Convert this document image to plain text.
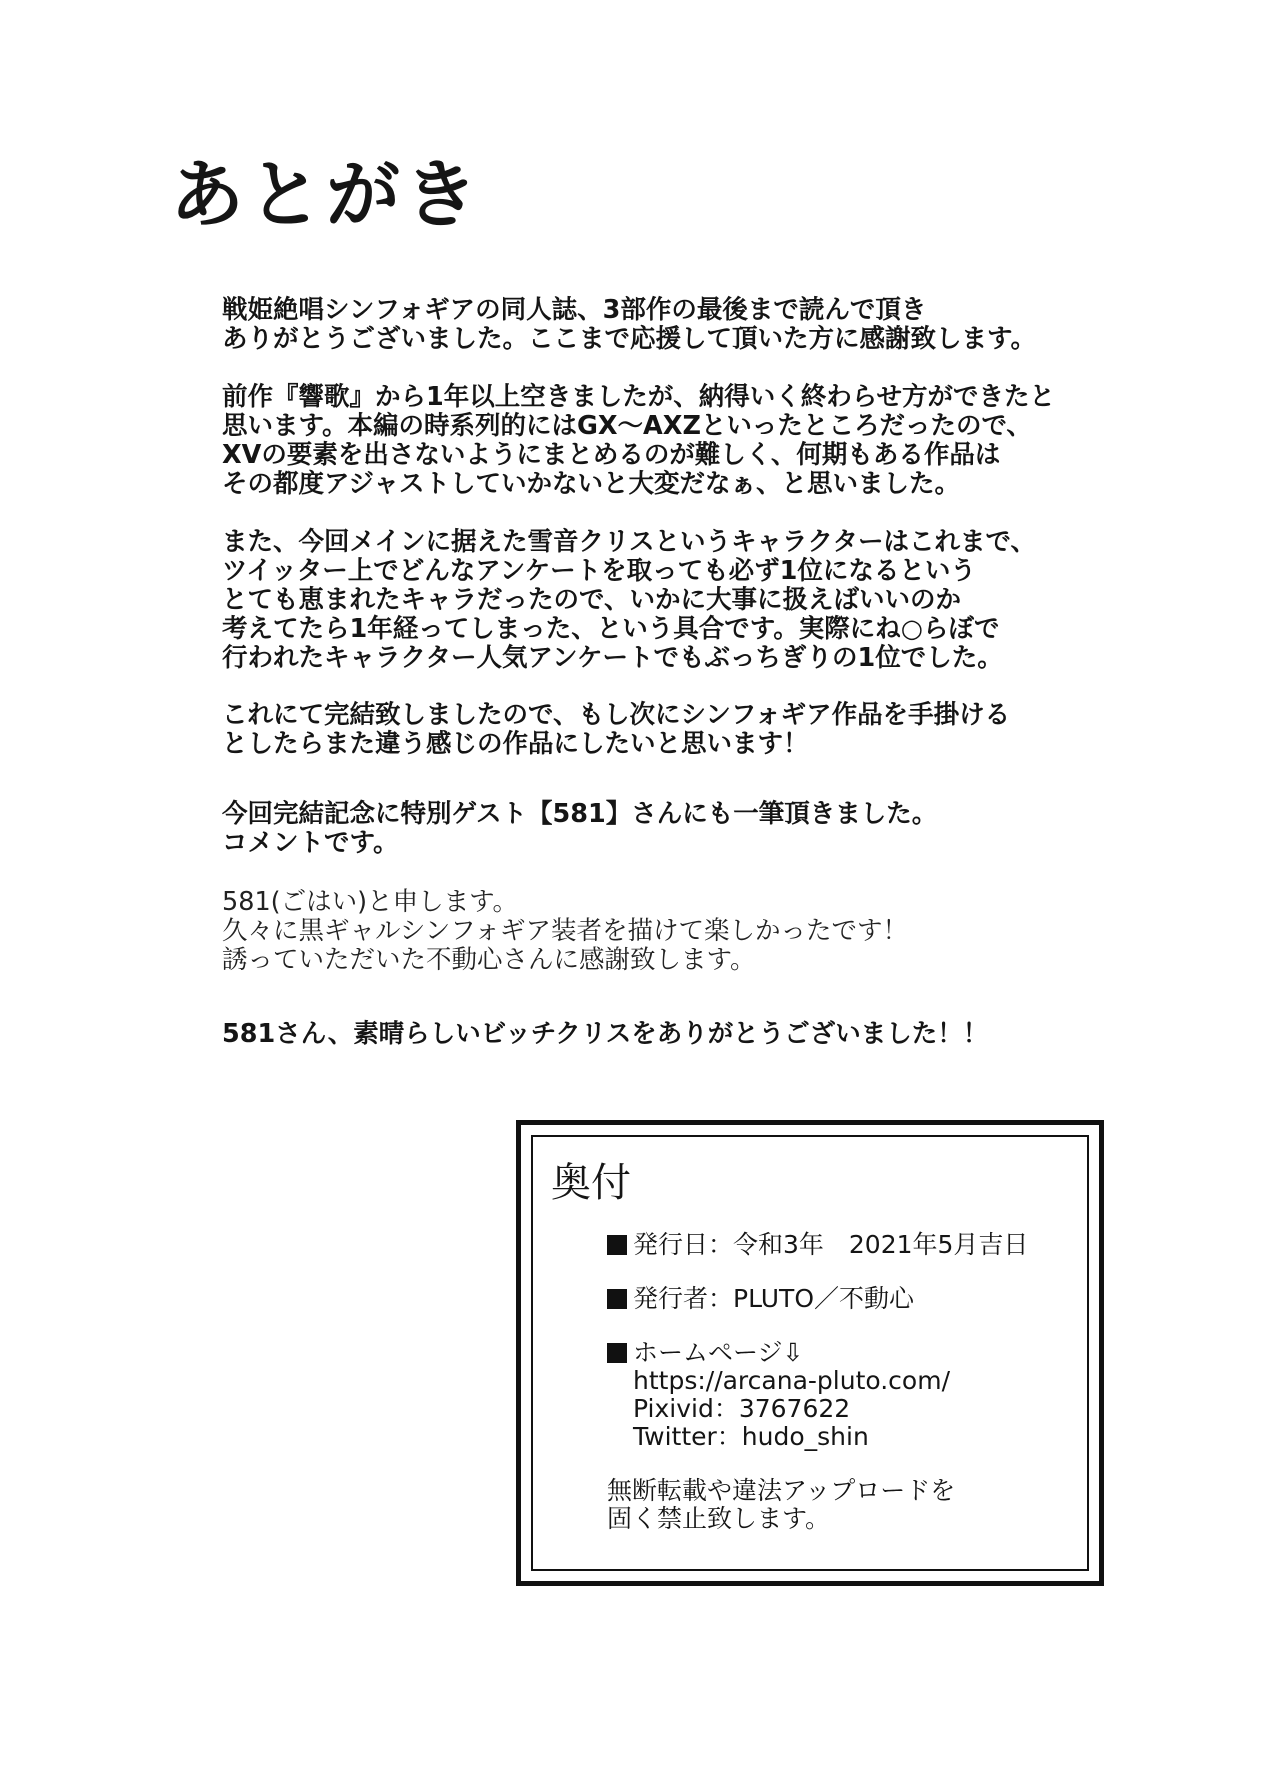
あとがき

戦姫絶唱シンフォギアの同人誌、3部作の最後まで読んで頂き
ありがとうございました。ここまで応援して頂いた方に感謝致します。

前作『響歌』から1年以上空きましたが、納得いく終わらせ方ができたと
思います。本編の時系列的にはGX〜AXZといったところだったので、
XVの要素を出さないようにまとめるのが難しく、何期もある作品は
その都度アジャストしていかないと大変だなぁ、と思いました。

また、今回メインに据えた雪音クリスというキャラクターはこれまで、
ツイッター上でどんなアンケートを取っても必ず1位になるという
とても恵まれたキャラだったので、いかに大事に扱えばいいのか
考えてたら1年経ってしまった、という具合です。実際にね○らぼで
行われたキャラクター人気アンケートでもぶっちぎりの1位でした。

これにて完結致しましたので、もし次にシンフォギア作品を手掛ける
としたらまた違う感じの作品にしたいと思います！

今回完結記念に特別ゲスト【581】さんにも一筆頂きました。
コメントです。

581(ごはい)と申します。
久々に黒ギャルシンフォギア装者を描けて楽しかったです！
誘っていただいた不動心さんに感謝致します。

581さん、素晴らしいビッチクリスをありがとうございました！！
奥付
発行日：令和3年　2021年5月吉日
発行者：PLUTO／不動心
ホームページ⇩
https://arcana-pluto.com/
Pixivid：3767622
Twitter：hudo_shin
無断転載や違法アップロードを
固く禁止致します。
